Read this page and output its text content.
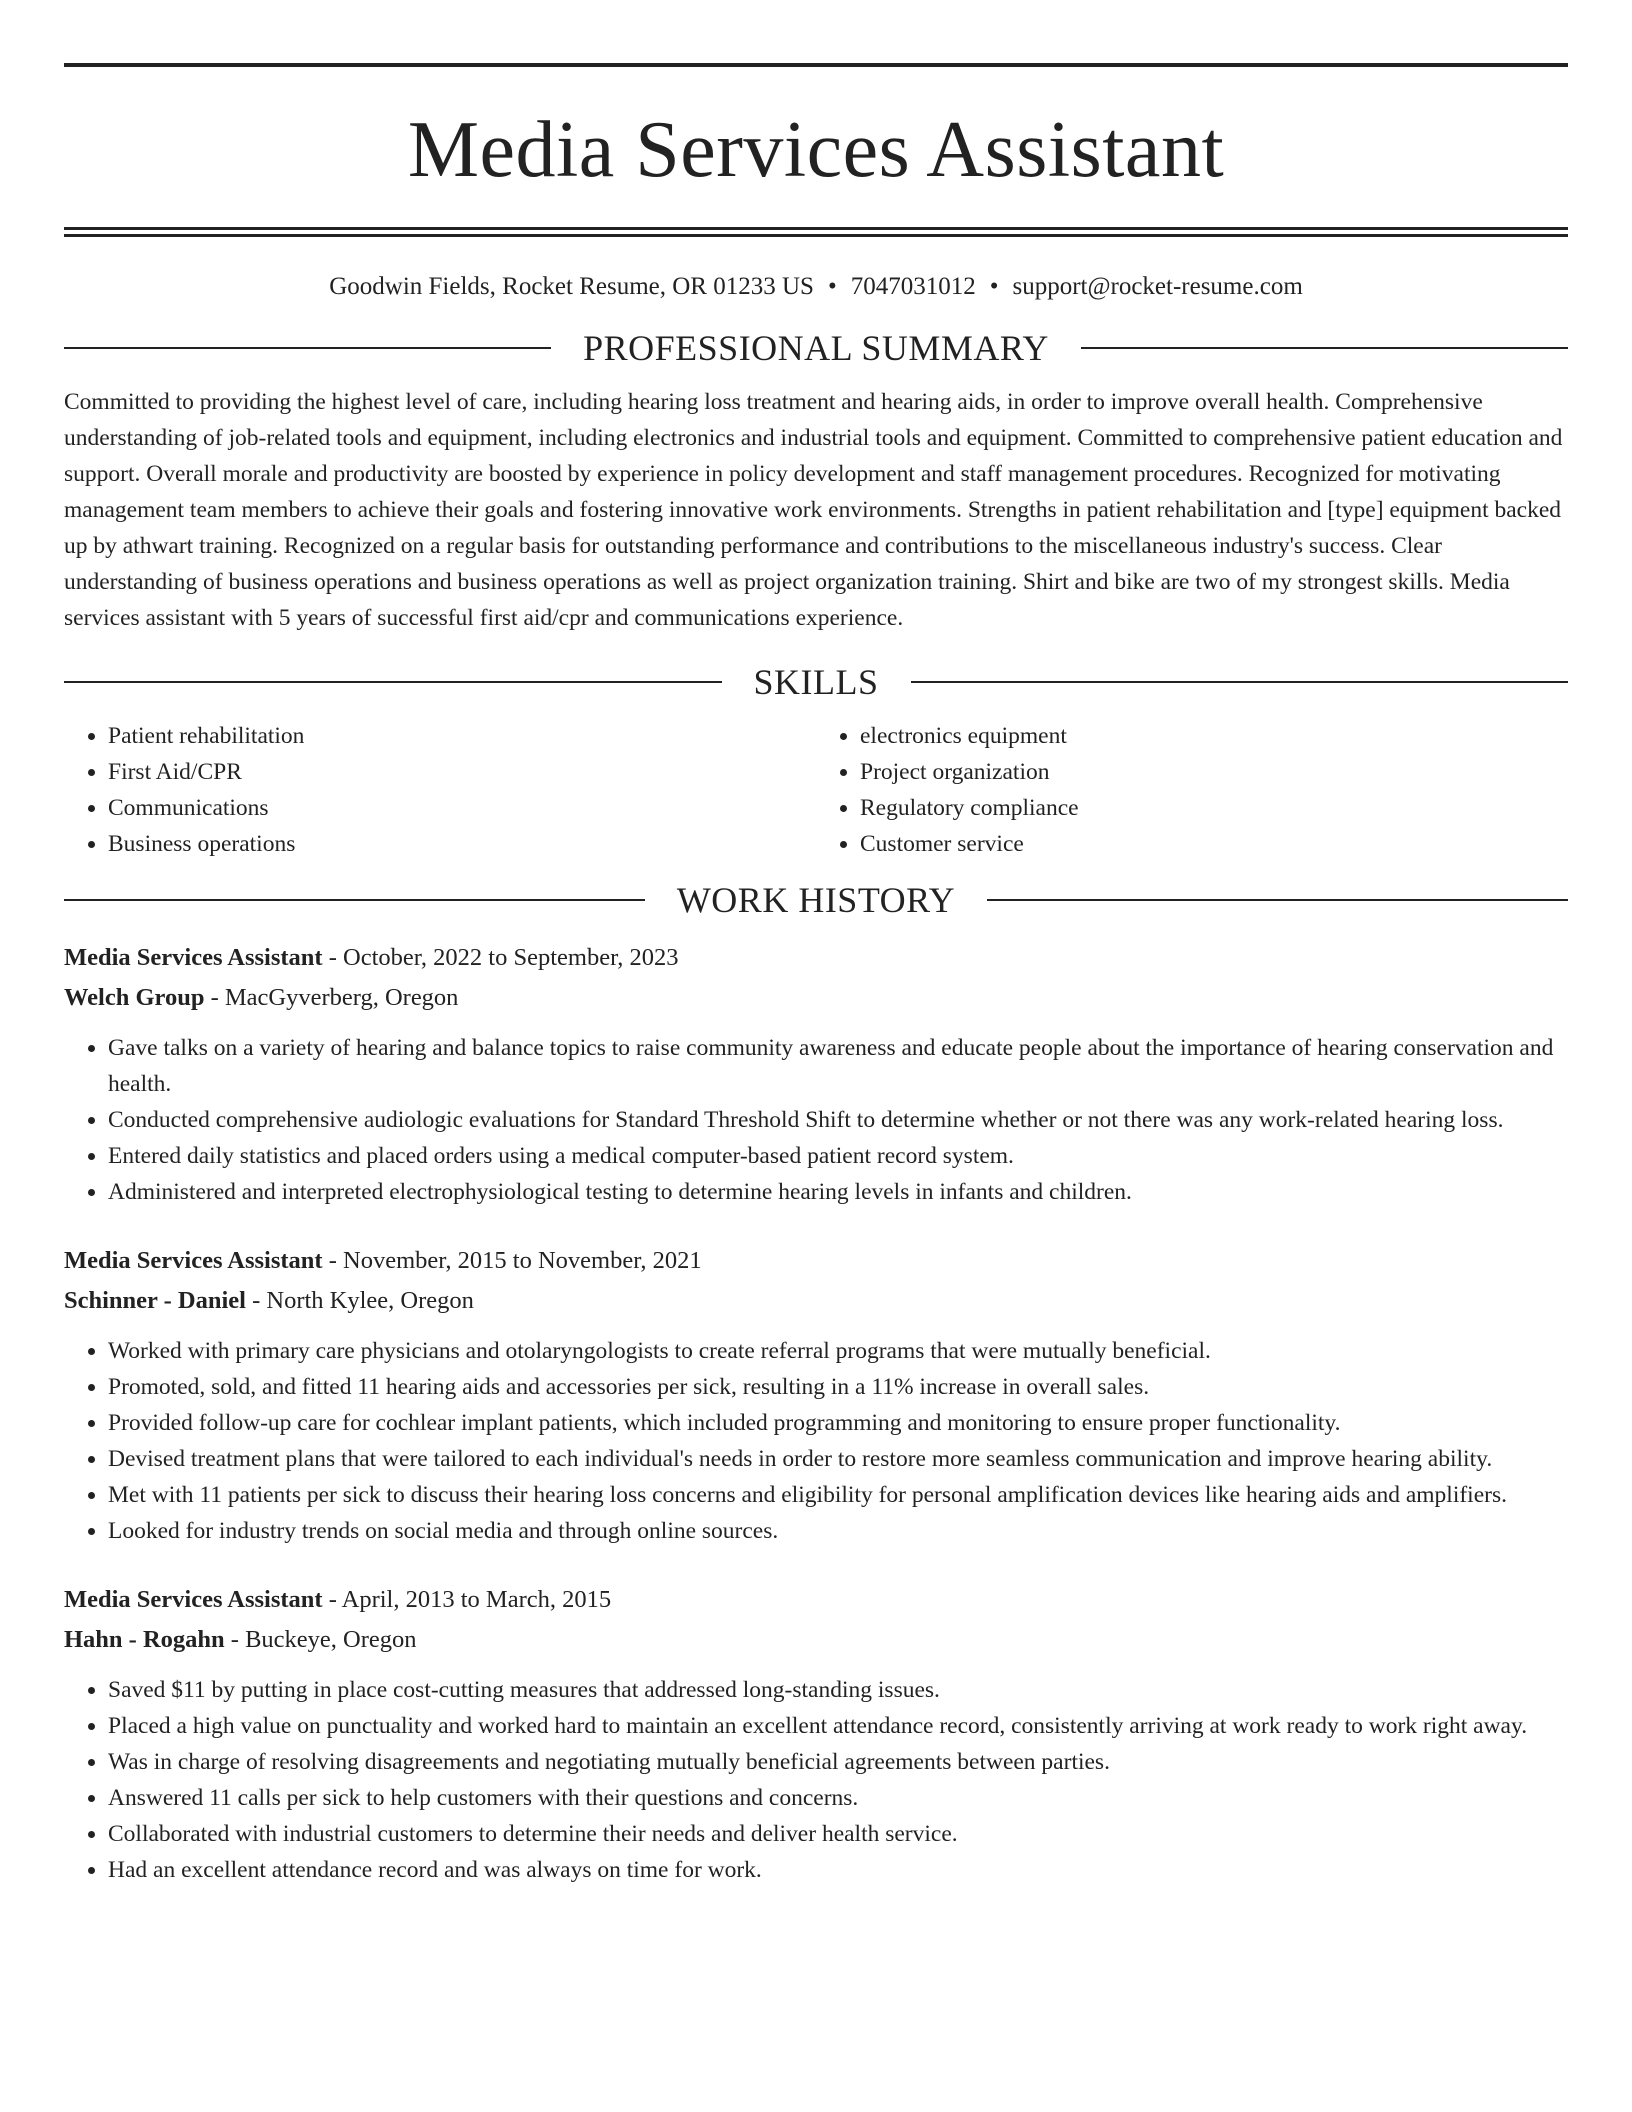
Media Services Assistant
Goodwin Fields, Rocket Resume, OR 01233 US • 7047031012 • support@rocket-resume.com
PROFESSIONAL SUMMARY

Committed to providing the highest level of care, including hearing loss treatment and hearing aids, in order to improve overall health. Comprehensive understanding of job-related tools and equipment, including electronics and industrial tools and equipment. Committed to comprehensive patient education and support. Overall morale and productivity are boosted by experience in policy development and staff management procedures. Recognized for motivating management team members to achieve their goals and fostering innovative work environments. Strengths in patient rehabilitation and [type] equipment backed up by athwart training. Recognized on a regular basis for outstanding performance and contributions to the miscellaneous industry's success. Clear understanding of business operations and business operations as well as project organization training. Shirt and bike are two of my strongest skills. Media services assistant with 5 years of successful first aid/cpr and communications experience.

SKILLS
• Patient rehabilitation
• First Aid/CPR
• Communications
• Business operations
• electronics equipment
• Project organization
• Regulatory compliance
• Customer service
WORK HISTORY
Media Services Assistant - October, 2022 to September, 2023
Welch Group - MacGyverberg, Oregon
• Gave talks on a variety of hearing and balance topics to raise community awareness and educate people about the importance of hearing conservation and health.
• Conducted comprehensive audiologic evaluations for Standard Threshold Shift to determine whether or not there was any work-related hearing loss.
• Entered daily statistics and placed orders using a medical computer-based patient record system.
• Administered and interpreted electrophysiological testing to determine hearing levels in infants and children.
Media Services Assistant - November, 2015 to November, 2021
Schinner - Daniel - North Kylee, Oregon
• Worked with primary care physicians and otolaryngologists to create referral programs that were mutually beneficial.
• Promoted, sold, and fitted 11 hearing aids and accessories per sick, resulting in a 11% increase in overall sales.
• Provided follow-up care for cochlear implant patients, which included programming and monitoring to ensure proper functionality.
• Devised treatment plans that were tailored to each individual's needs in order to restore more seamless communication and improve hearing ability.
• Met with 11 patients per sick to discuss their hearing loss concerns and eligibility for personal amplification devices like hearing aids and amplifiers.
• Looked for industry trends on social media and through online sources.
Media Services Assistant - April, 2013 to March, 2015
Hahn - Rogahn - Buckeye, Oregon
• Saved $11 by putting in place cost-cutting measures that addressed long-standing issues.
• Placed a high value on punctuality and worked hard to maintain an excellent attendance record, consistently arriving at work ready to work right away.
• Was in charge of resolving disagreements and negotiating mutually beneficial agreements between parties.
• Answered 11 calls per sick to help customers with their questions and concerns.
• Collaborated with industrial customers to determine their needs and deliver health service.
• Had an excellent attendance record and was always on time for work.
